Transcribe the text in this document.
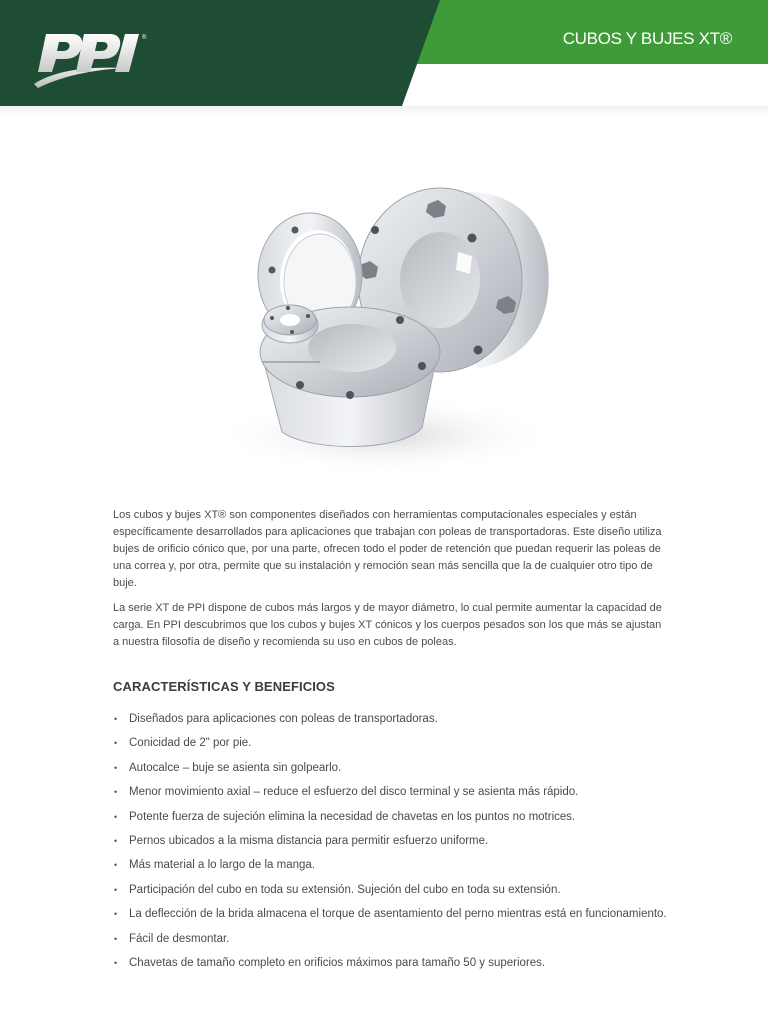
®	CUBOS Y BUJES XT®

Los cubos y bujes XT® son componentes diseñados con herramientas computacionales especiales y están específicamente desarrollados para aplicaciones que trabajan con poleas de transportadoras. Este diseño utiliza bujes de orificio cónico que, por una parte, ofrecen todo el poder de retención que puedan requerir las poleas de una correa y, por otra, permite que su instalación y remoción sean más sencilla que la de cualquier otro tipo de buje.

La serie XT de PPI dispone de cubos más largos y de mayor diámetro, lo cual permite aumentar la capacidad de carga. En PPI descubrimos que los cubos y bujes XT cónicos y los cuerpos pesados son los que más se ajustan a nuestra filosofía de diseño y recomienda su uso en cubos de poleas.

CARACTERÍSTICAS Y BENEFICIOS
• Diseñados para aplicaciones con poleas de transportadoras.
• Conicidad de 2" por pie.
• Autocalce – buje se asienta sin golpearlo.
• Menor movimiento axial – reduce el esfuerzo del disco terminal y se asienta más rápido.
• Potente fuerza de sujeción elimina la necesidad de chavetas en los puntos no motrices.
• Pernos ubicados a la misma distancia para permitir esfuerzo uniforme.
• Más material a lo largo de la manga.
• Participación del cubo en toda su extensión. Sujeción del cubo en toda su extensión.
• La deflección de la brida almacena el torque de asentamiento del perno mientras está en funcionamiento.
• Fácil de desmontar.
• Chavetas de tamaño completo en orificios máximos para tamaño 50 y superiores.
